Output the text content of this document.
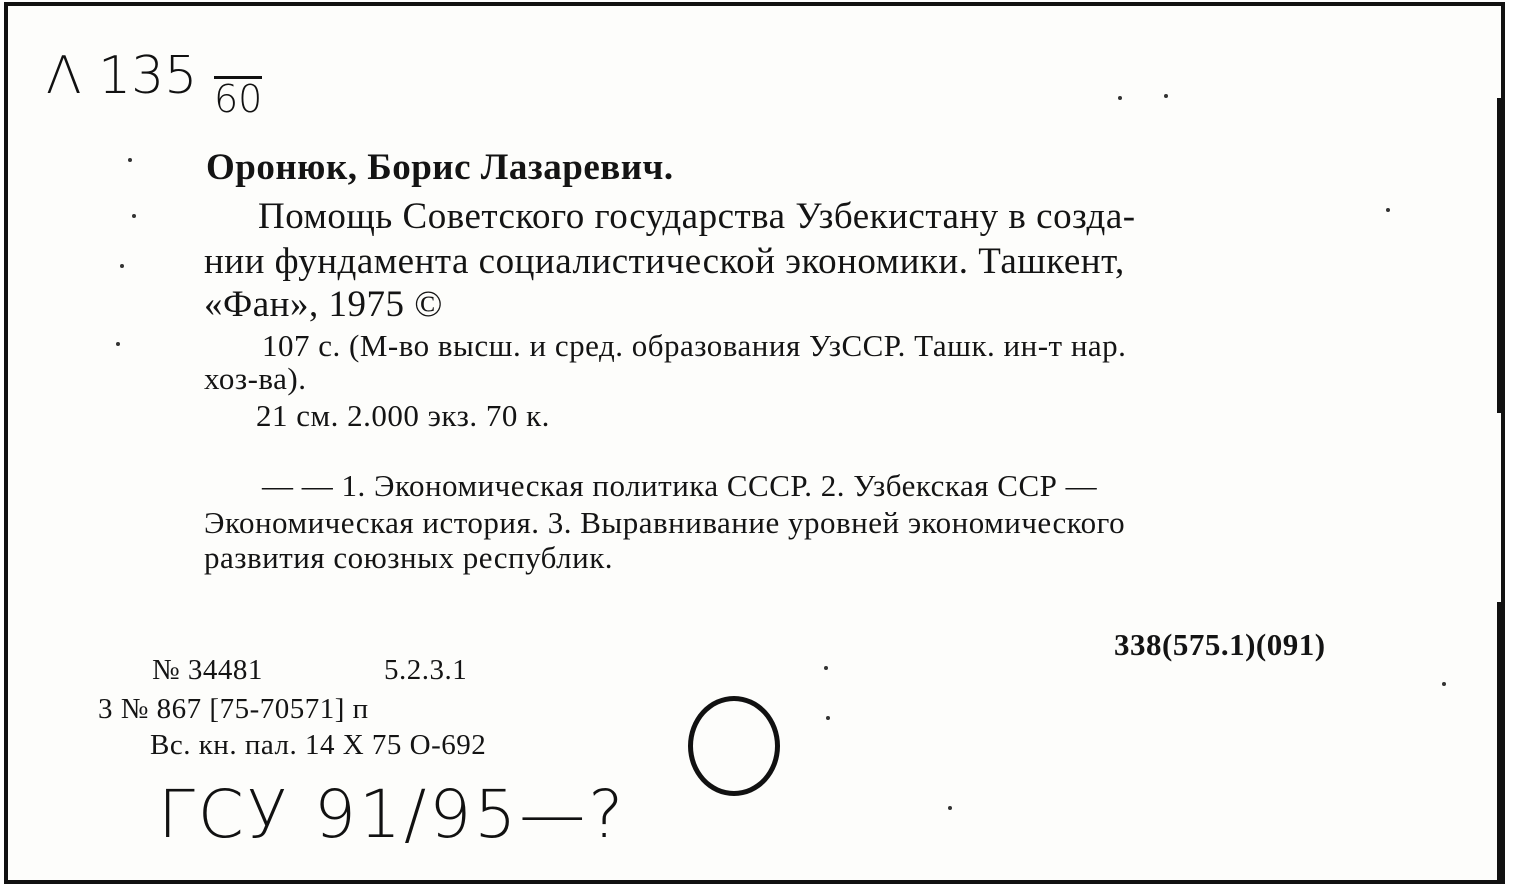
Λ 135 60
Оронюк, Борис Лазаревич.
Помощь Советского государства Узбекистану в созда-
нии фундамента социалистической экономики. Ташкент,
«Фан», 1975 ©
107 с. (М-во высш. и сред. образования УзССР. Ташк. ин-т нар.
хоз-ва).
21 см. 2.000 экз. 70 к.
— — 1. Экономическая политика СССР. 2. Узбекская ССР —
Экономическая история. 3. Выравнивание уровней экономического
развития союзных республик.
338(575.1)(091)
№ 34481	5.2.3.1
3 № 867 [75-70571] п
Вс. кн. пал. 14 X 75 О-692
ГСУ 91/95—?
